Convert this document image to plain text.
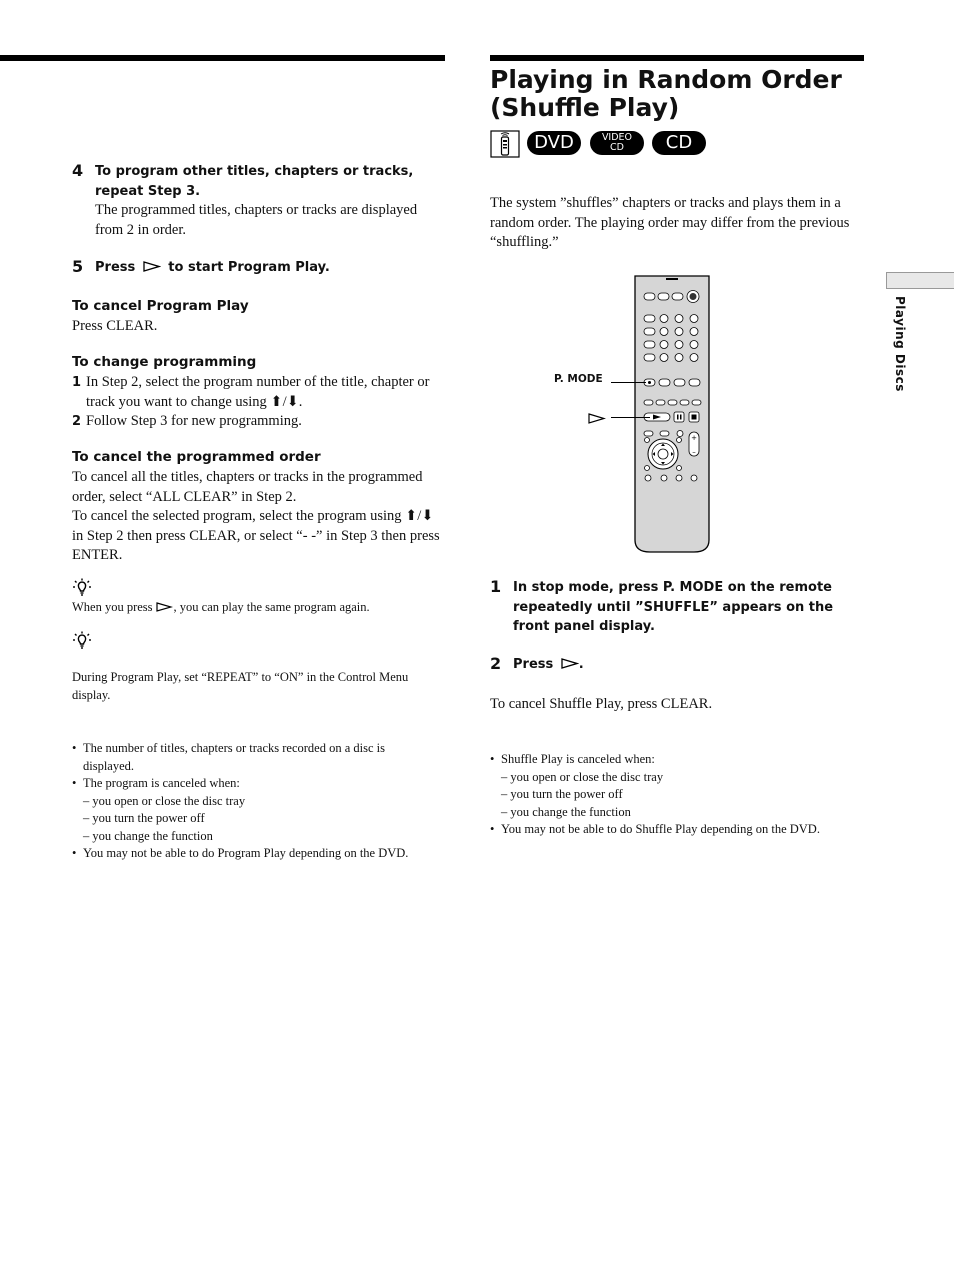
4 To program other titles, chapters or tracks, repeat Step 3.
The programmed titles, chapters or tracks are displayed from 2 in order.
5 Press	to start Program Play.
To cancel Program Play
Press CLEAR.
To change programming
1 In Step 2, select the program number of the title, chapter or track you want to change using ⬆/⬇.
2 Follow Step 3 for new programming.
To cancel the programmed order
To cancel all the titles, chapters or tracks in the programmed order, select “ALL CLEAR” in Step 2.
To cancel the selected program, select the program using ⬆/⬇ in Step 2 then press CLEAR, or select “- -” in Step 3 then press ENTER.
When you press , you can play the same program again.
During Program Play, set “REPEAT” to “ON” in the Control Menu display.
• The number of titles, chapters or tracks recorded on a disc is displayed.
• The program is canceled when:
– you open or close the disc tray
– you turn the power off
– you change the function
• You may not be able to do Program Play depending on the DVD.
Playing in Random Order
(Shuffle Play)
DVD	VIDEO
CD	CD
The system ”shuffles” chapters or tracks and plays them in a random order. The playing order may differ from the previous “shuffling.”
+
–
P. MODE
1 In stop mode, press P. MODE on the remote repeatedly until ”SHUFFLE” appears on the front panel display.
2 Press .
To cancel Shuffle Play, press CLEAR.
• Shuffle Play is canceled when:
– you open or close the disc tray
– you turn the power off
– you change the function
• You may not be able to do Shuffle Play depending on the DVD.
Playing Discs
